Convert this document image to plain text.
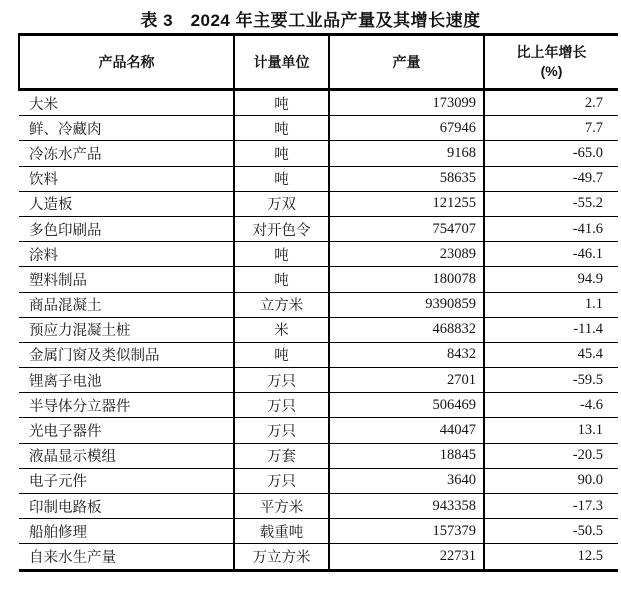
表 3　2024 年主要工业品产量及其增长速度
产品名称	计量单位	产量	比上年增长
(%)

大米	吨	173099	2.7
鲜、冷藏肉	吨	67946	7.7
冷冻水产品	吨	9168	-65.0
饮料	吨	58635	-49.7
人造板	万双	121255	-55.2
多色印刷品	对开色令	754707	-41.6
涂料	吨	23089	-46.1
塑料制品	吨	180078	94.9
商品混凝土	立方米	9390859	1.1
预应力混凝土桩	米	468832	-11.4
金属门窗及类似制品	吨	8432	45.4
锂离子电池	万只	2701	-59.5
半导体分立器件	万只	506469	-4.6
光电子器件	万只	44047	13.1
液晶显示模组	万套	18845	-20.5
电子元件	万只	3640	90.0
印制电路板	平方米	943358	-17.3
船舶修理	载重吨	157379	-50.5
自来水生产量	万立方米	22731	12.5
